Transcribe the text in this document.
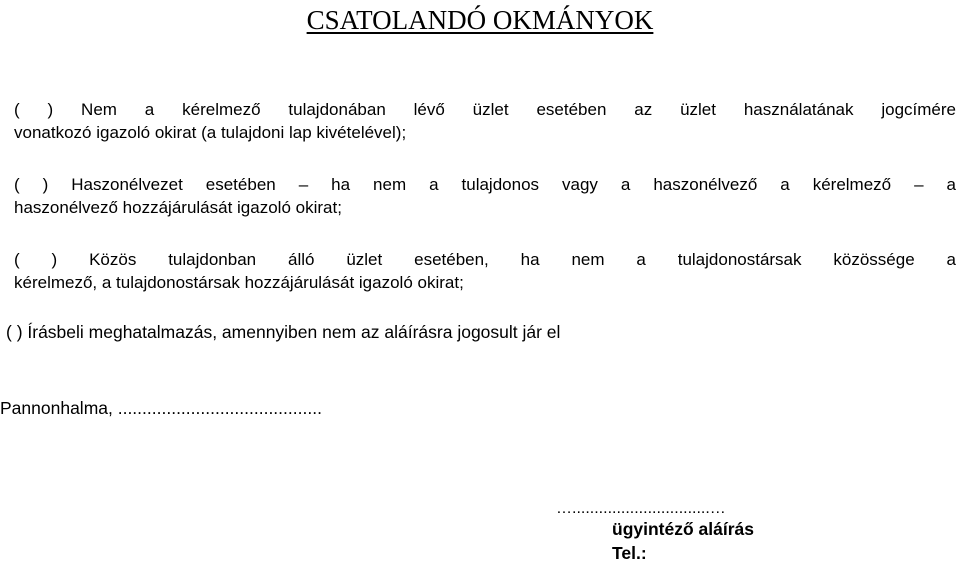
CSATOLANDÓ OKMÁNYOK
( ) Nem a kérelmező tulajdonában lévő üzlet esetében az üzlet használatának jogcímére
vonatkozó igazoló okirat (a tulajdoni lap kivételével);
( ) Haszonélvezet esetében – ha nem a tulajdonos vagy a haszonélvező a kérelmező – a
haszonélvező hozzájárulását igazoló okirat;
( ) Közös tulajdonban álló üzlet esetében, ha nem a tulajdonostársak közössége a
kérelmező, a tulajdonostársak hozzájárulását igazoló okirat;
( ) Írásbeli meghatalmazás, amennyiben nem az aláírásra jogosult jár el
Pannonhalma, ..........................................
…...............................…
ügyintéző aláírás
Tel.:
